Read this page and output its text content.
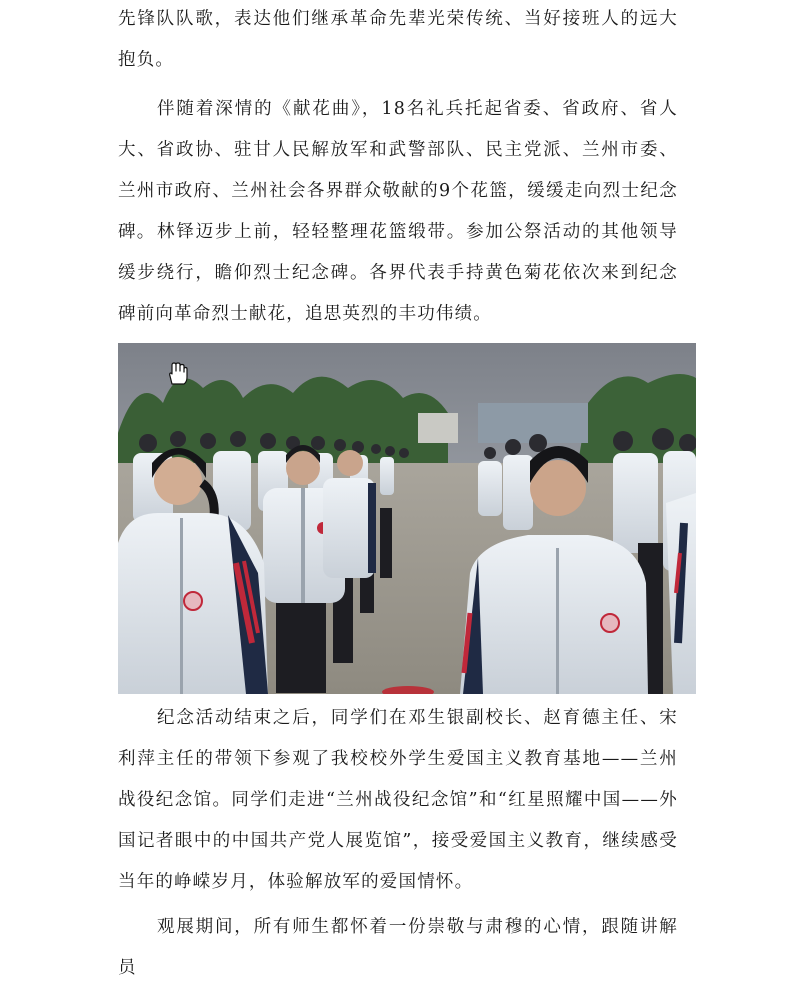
先锋队队歌，表达他们继承革命先辈光荣传统、当好接班人的远大抱负。

伴随着深情的《献花曲》，18名礼兵托起省委、省政府、省人大、省政协、驻甘人民解放军和武警部队、民主党派、兰州市委、兰州市政府、兰州社会各界群众敬献的9个花篮，缓缓走向烈士纪念碑。 林铎迈步上前，轻轻整理花篮缎带。参加公祭活动的其他领导缓步绕行，瞻仰烈士纪念碑。各界代表手持黄色菊花依次来到纪念碑前向革命烈士献花，追思英烈的丰功伟绩。

纪念活动结束之后，同学们在邓生银副校长、赵育德主任、宋利萍主任的带领下参观了我校校外学生爱国主义教育基地——兰州战役纪念馆。同学们走进“兰州战役纪念馆”和“红星照耀中国——外国记者眼中的中国共产党人展览馆”，接受爱国主义教育，继续感受当年的峥嵘岁月，体验解放军的爱国情怀。

观展期间，所有师生都怀着一份崇敬与肃穆的心情，跟随讲解员
